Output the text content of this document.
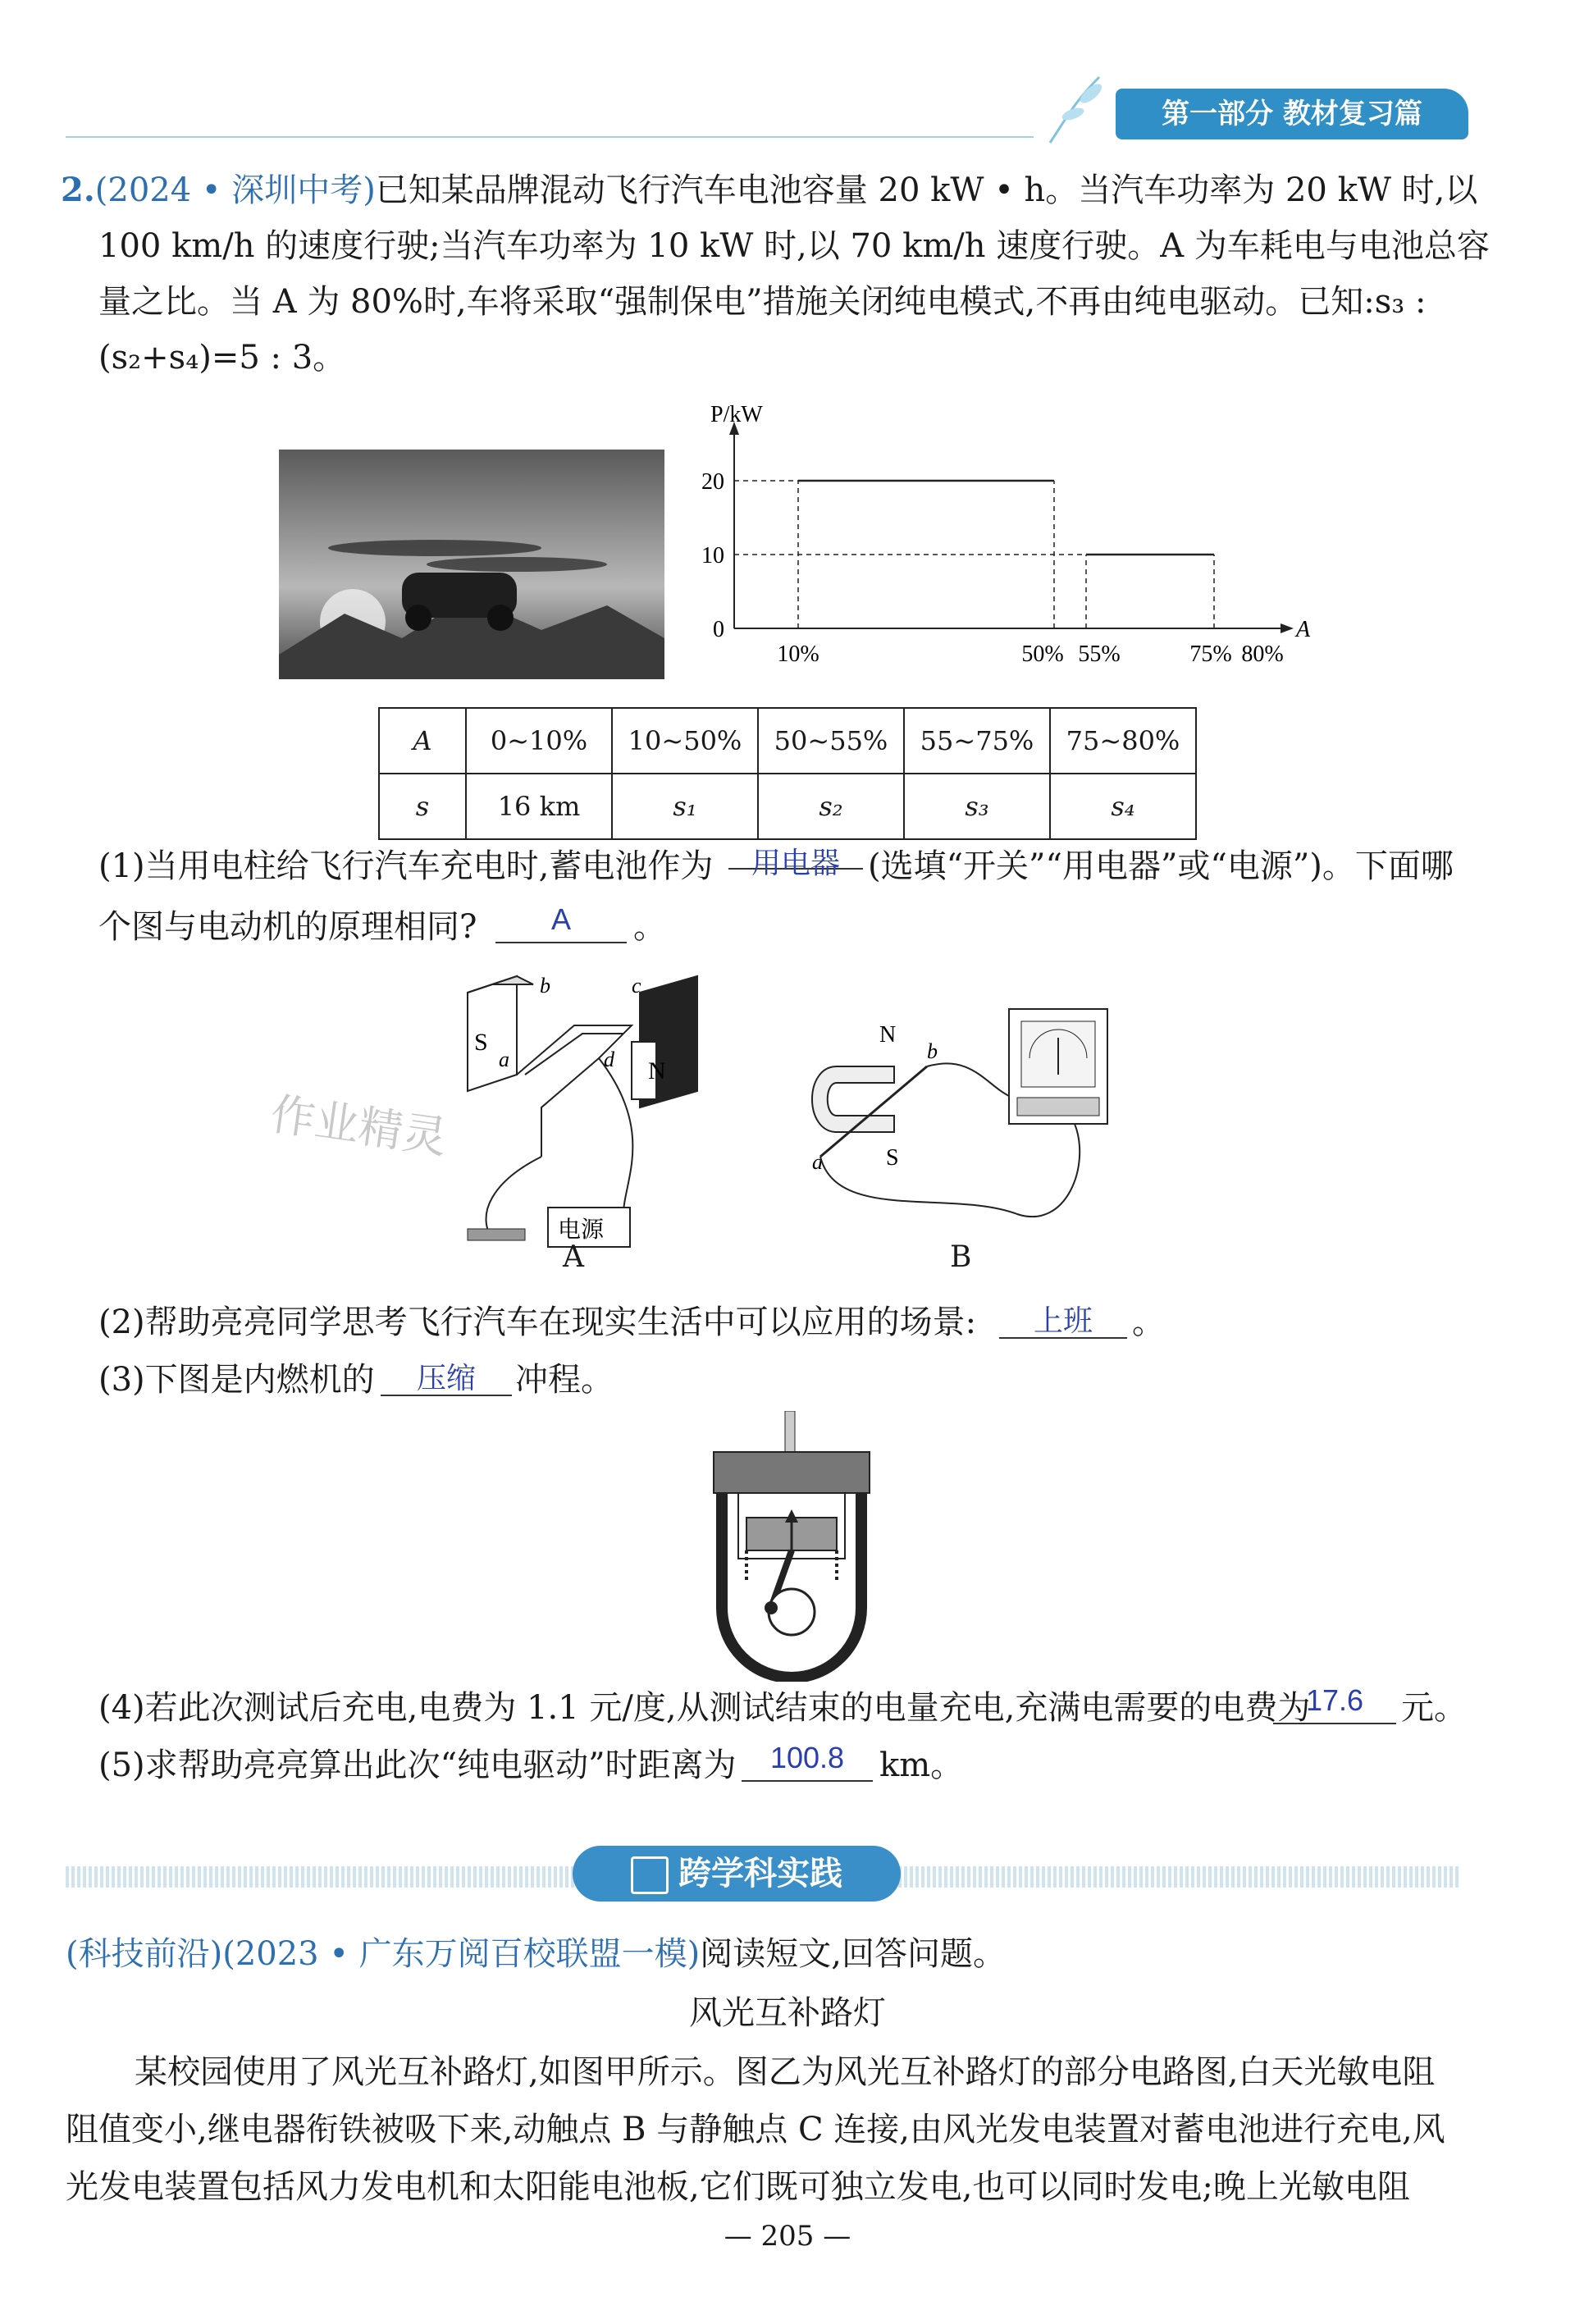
第一部分 教材复习篇
2.(2024 • 深圳中考)已知某品牌混动飞行汽车电池容量 20 kW • h。当汽车功率为 20 kW 时,以
100 km/h 的速度行驶;当汽车功率为 10 kW 时,以 70 km/h 速度行驶。A 为车耗电与电池总容
量之比。当 A 为 80%时,车将采取“强制保电”措施关闭纯电模式,不再由纯电驱动。已知:s₃ :
(s₂+s₄)=5 : 3。
P/kW
A
0
10
20
10%	50% 55%	75% 80%
A	0~10%	10~50%	50~55%	55~75%	75~80%
s	16 km	s₁	s₂	s₃	s₄
(1)当用电柱给飞行汽车充电时,蓄电池作为	用电器 (选填“开关”“用电器”或“电源”)。下面哪
个图与电动机的原理相同?	A	。
S
N
a
b	c
d
电源
A
作业精灵
N
S
a
b
B
(2)帮助亮亮同学思考飞行汽车在现实生活中可以应用的场景:	上班	。
(3)下图是内燃机的	压缩	冲程。
(4)若此次测试后充电,电费为 1.1 元/度,从测试结束的电量充电,充满电需要的电费为
17.6	元。
(5)求帮助亮亮算出此次“纯电驱动”时距离为	100.8	km。
跨学科实践
(科技前沿)(2023 • 广东万阅百校联盟一模)阅读短文,回答问题。
风光互补路灯
某校园使用了风光互补路灯,如图甲所示。图乙为风光互补路灯的部分电路图,白天光敏电阻
阻值变小,继电器衔铁被吸下来,动触点 B 与静触点 C 连接,由风光发电装置对蓄电池进行充电,风
光发电装置包括风力发电机和太阳能电池板,它们既可独立发电,也可以同时发电;晚上光敏电阻
— 205 —
